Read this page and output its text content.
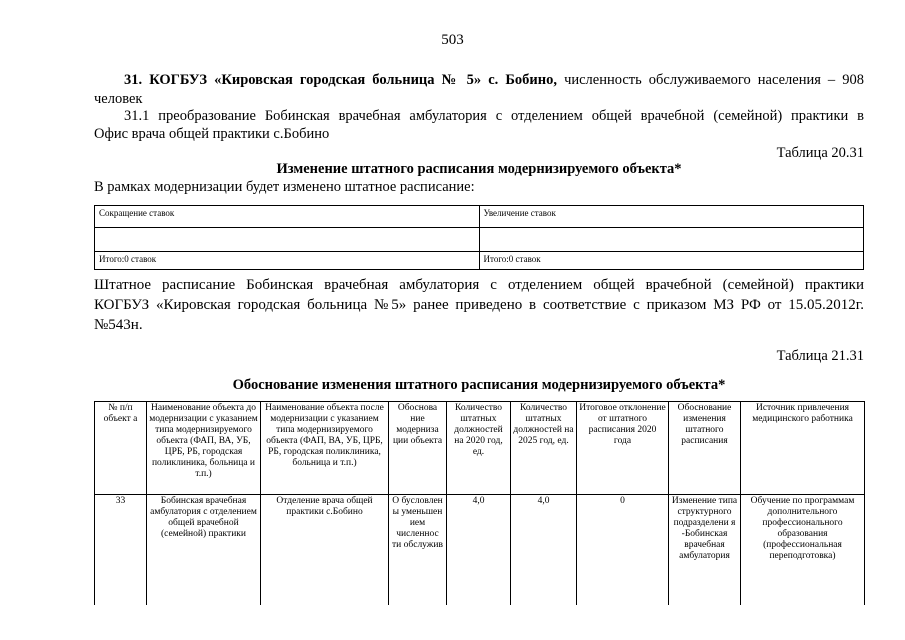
503
31. КОГБУЗ «Кировская городская больница № 5» с. Бобино, численность обслуживаемого населения – 908
человек
31.1 преобразование Бобинская врачебная амбулатория с отделением общей врачебной (семейной) практики в
Офис врача общей практики с.Бобино
Таблица 20.31
Изменение штатного расписания модернизируемого объекта*
В рамках модернизации будет изменено штатное расписание:
Сокращение ставок	Увеличение ставок

Итого:0 ставок	Итого:0 ставок
Штатное расписание Бобинская врачебная амбулатория с отделением общей врачебной (семейной) практики
КОГБУЗ «Кировская городская больница №5» ранее приведено в соответствие с приказом МЗ РФ от 15.05.2012г.
№543н.
Таблица 21.31
Обоснование изменения штатного расписания модернизируемого объекта*
№ п/п объект а	Наименование объекта до модернизации с указанием типа модернизируемого объекта (ФАП, ВА, УБ, ЦРБ, РБ, городская поликлиника, больница и т.п.)	Наименование объекта после модернизации с указанием типа модернизируемого объекта (ФАП, ВА, УБ, ЦРБ, РБ, городская поликлиника, больница и т.п.)	Обоснова ние модерниза ции объекта	Количество штатных должностей на 2020 год, ед.	Количество штатных должностей на 2025 год, ед.	Итоговое отклонение от штатного расписания 2020 года	Обоснование изменения штатного расписания	Источник привлечения медицинского работника
33	Бобинская врачебная амбулатория с отделением общей врачебной (семейной) практики	Отделение врача общей практики с.Бобино	О бусловлен ы уменьшен ием численнос ти обслужив	4,0	4,0	0	Изменение типа структурного подразделени я -Бобинская врачебная амбулатория	Обучение по программам дополнительного профессионального образования (профессиональная переподготовка)
